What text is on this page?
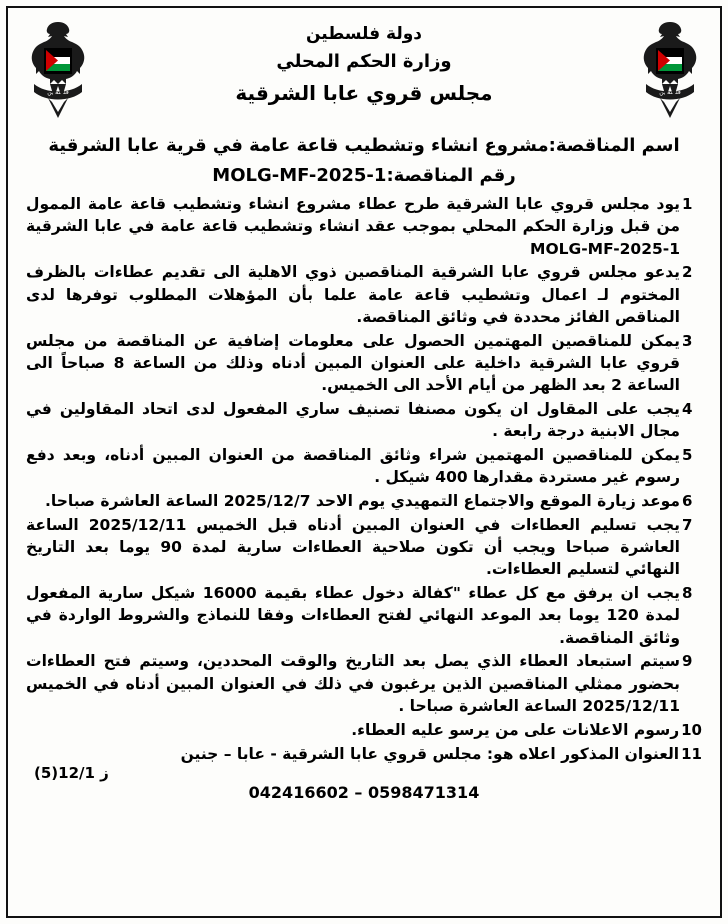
فلسطين
دولة فلسطين
وزارة الحكم المحلي
مجلس قروي عابا الشرقية
فلسطين
اسم المناقصة:مشروع انشاء وتشطيب قاعة عامة في قرية عابا الشرقية
رقم المناقصة:MOLG-MF-2025-1
1
يود مجلس قروي عابا الشرقية طرح عطاء مشروع انشاء وتشطيب قاعة عامة الممول من قبل وزارة الحكم المحلي بموجب عقد انشاء وتشطيب قاعة عامة في عابا الشرقية MOLG-MF-2025-1
2
يدعو مجلس قروي عابا الشرقية المناقصين ذوي الاهلية الى تقديم عطاءات بالظرف المختوم لـ اعمال وتشطيب قاعة عامة علما بأن المؤهلات المطلوب توفرها لدى المناقص الفائز محددة في وثائق المناقصة.
3
يمكن للمناقصين المهتمين الحصول على معلومات إضافية عن المناقصة من مجلس قروي عابا الشرقية داخلية على العنوان المبين أدناه وذلك من الساعة 8 صباحاً الى الساعة 2 بعد الظهر من أيام الأحد الى الخميس.
4
يجب على المقاول ان يكون مصنفا تصنيف ساري المفعول لدى اتحاد المقاولين في مجال الابنية درجة رابعة .
5
يمكن للمناقصين المهتمين شراء وثائق المناقصة من العنوان المبين أدناه، وبعد دفع رسوم غير مستردة مقدارها 400 شيكل .
6
موعد زيارة الموقع والاجتماع التمهيدي يوم الاحد 2025/12/7 الساعة العاشرة صباحا.
7
يجب تسليم العطاءات في العنوان المبين أدناه قبل الخميس 2025/12/11 الساعة العاشرة صباحا ويجب أن تكون صلاحية العطاءات سارية لمدة 90 يوما بعد التاريخ النهائي لتسليم العطاءات.
8
يجب ان يرفق مع كل عطاء "كفالة دخول عطاء بقيمة 16000 شيكل سارية المفعول لمدة 120 يوما بعد الموعد النهائي لفتح العطاءات وفقا للنماذج والشروط الواردة في وثائق المناقصة.
9
سيتم استبعاد العطاء الذي يصل بعد التاريخ والوقت المحددين، وسيتم فتح العطاءات بحضور ممثلي المناقصين الذين يرغبون في ذلك في العنوان المبين أدناه في الخميس 2025/12/11 الساعة العاشرة صباحا .
10
رسوم الاعلانات على من يرسو عليه العطاء.
11
العنوان المذكور اعلاه هو: مجلس قروي عابا الشرقية - عابا – جنين
ز 12/1(5)
042416602 – 0598471314
